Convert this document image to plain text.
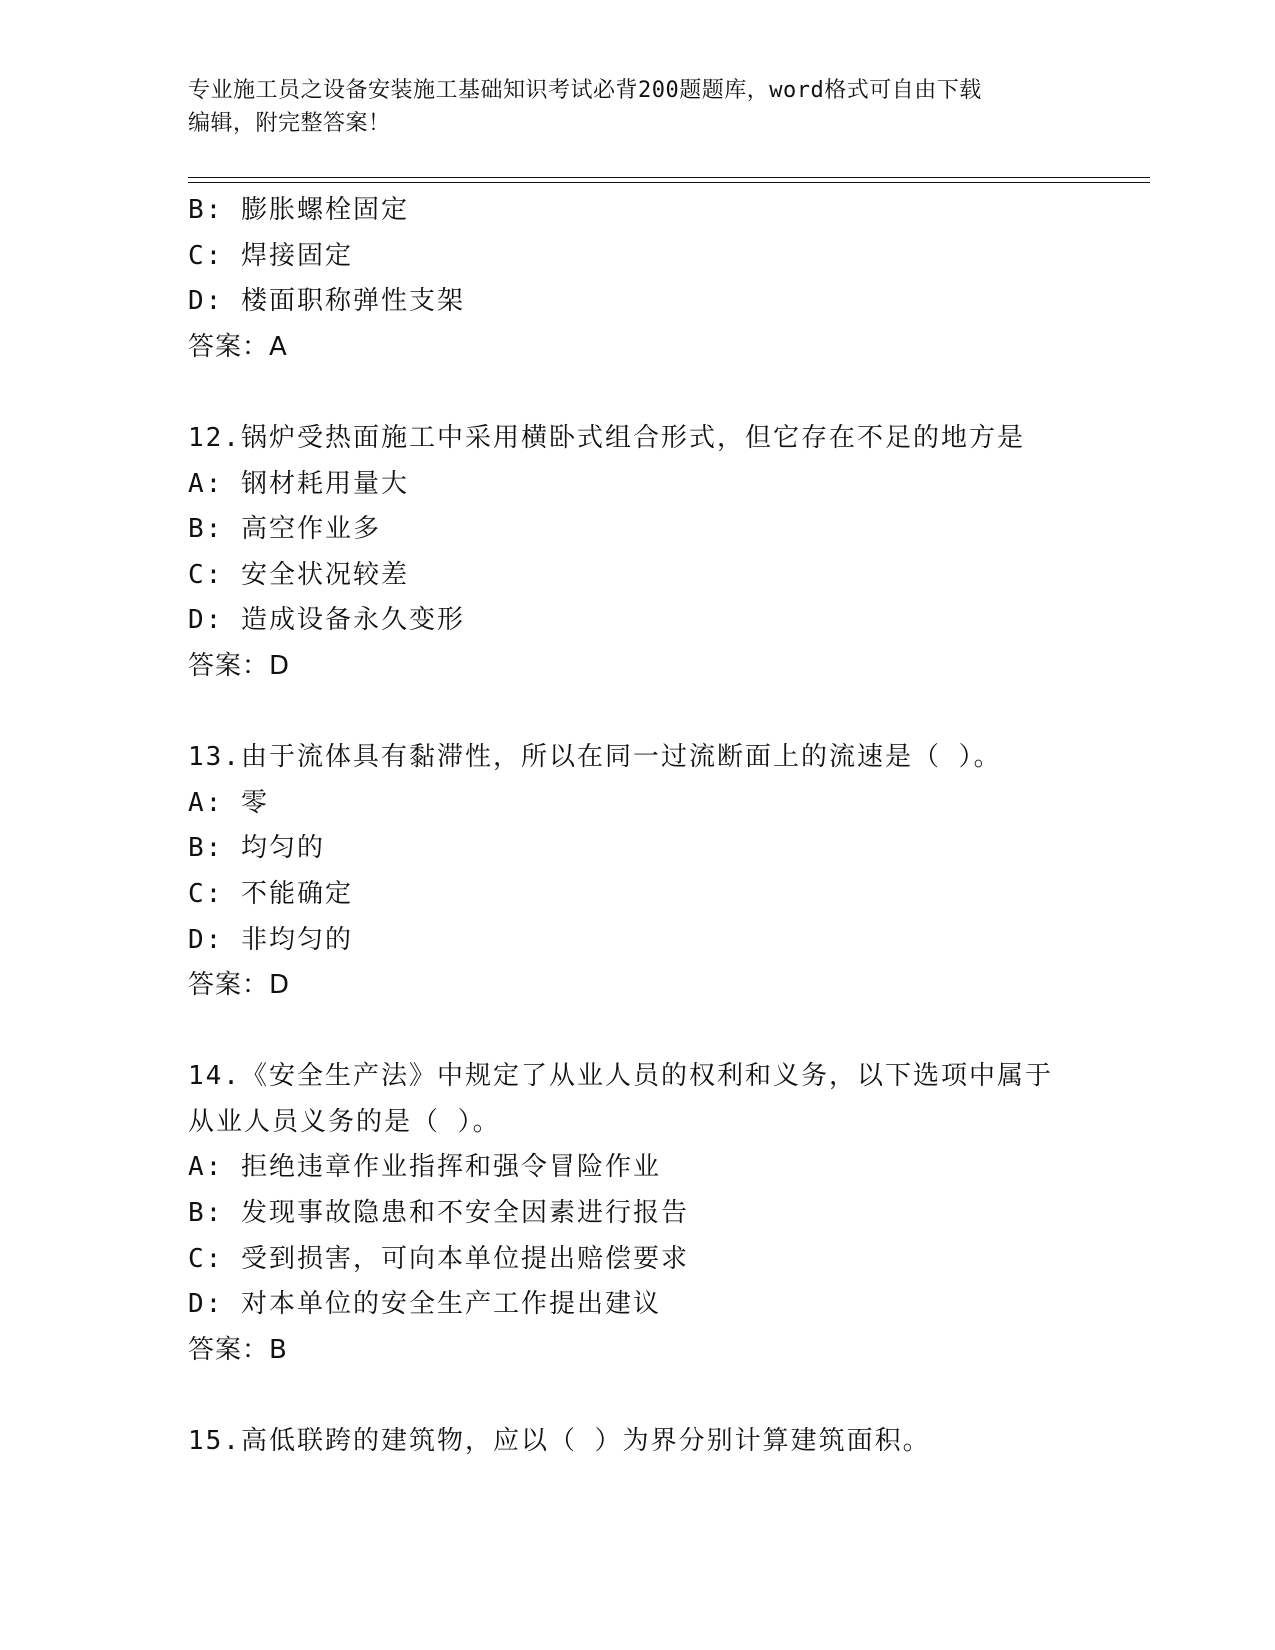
专业施工员之设备安装施工基础知识考试必背200题题库，word格式可自由下载
编辑，附完整答案！
B: 膨胀螺栓固定
C: 焊接固定
D: 楼面职称弹性支架
答案：A
12.锅炉受热面施工中采用横卧式组合形式，但它存在不足的地方是
A: 钢材耗用量大
B: 高空作业多
C: 安全状况较差
D: 造成设备永久变形
答案：D
13.由于流体具有黏滞性，所以在同一过流断面上的流速是（ ）。
A: 零
B: 均匀的
C: 不能确定
D: 非均匀的
答案：D
14.《安全生产法》中规定了从业人员的权利和义务，以下选项中属于
从业人员义务的是（ ）。
A: 拒绝违章作业指挥和强令冒险作业
B: 发现事故隐患和不安全因素进行报告
C: 受到损害，可向本单位提出赔偿要求
D: 对本单位的安全生产工作提出建议
答案：B
15.高低联跨的建筑物，应以（ ）为界分别计算建筑面积。
